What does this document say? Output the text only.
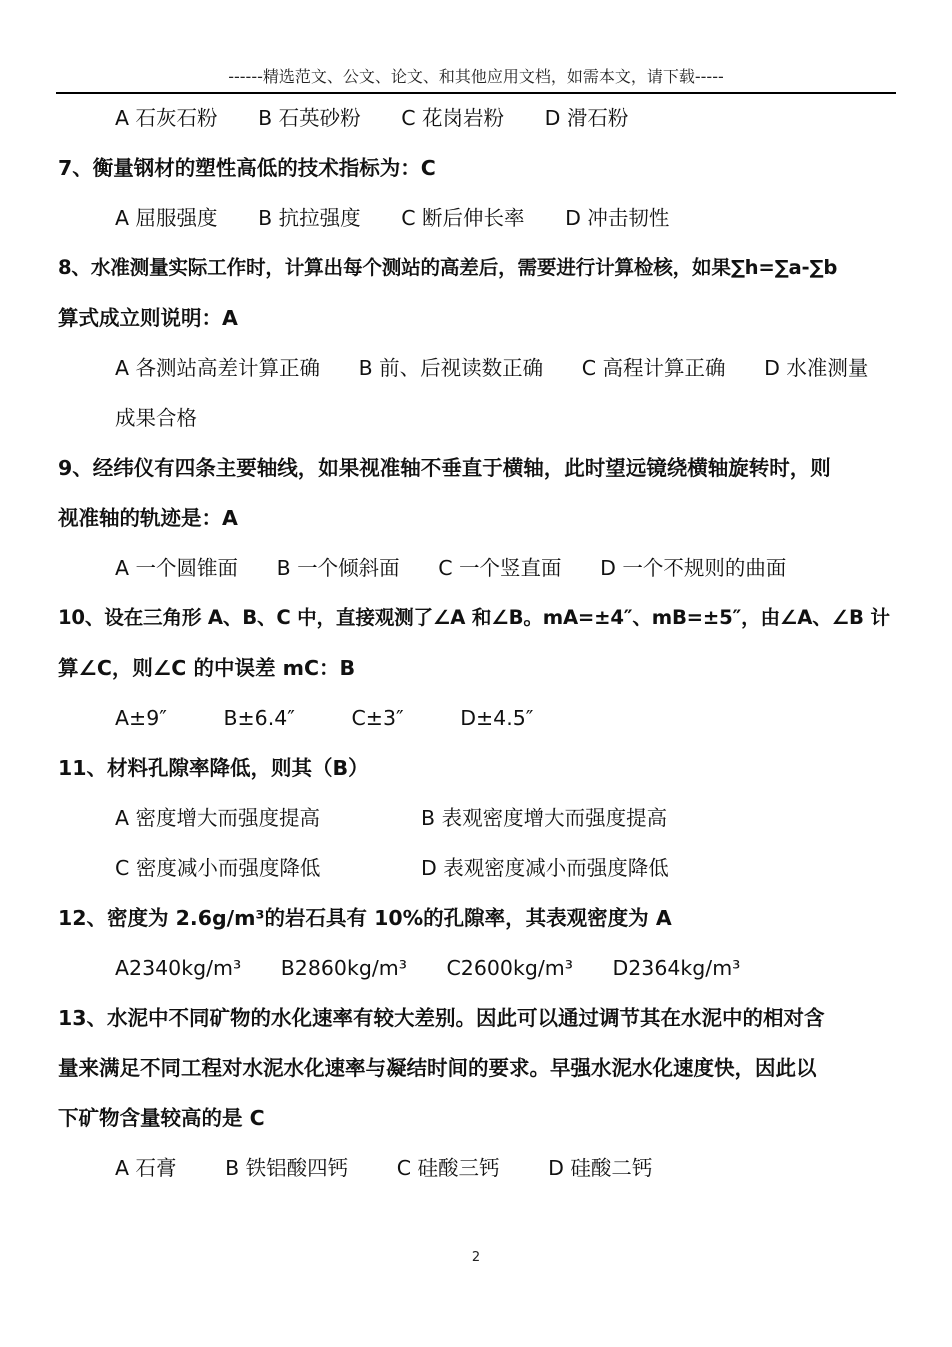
------精选范文、公文、论文、和其他应用文档，如需本文，请下载-----
A 石灰石粉 B 石英砂粉 C 花岗岩粉 D 滑石粉
7、衡量钢材的塑性高低的技术指标为：C
A 屈服强度 B 抗拉强度 C 断后伸长率 D 冲击韧性
8、水准测量实际工作时，计算出每个测站的高差后，需要进行计算检核，如果∑h=∑a-∑b
算式成立则说明：A
A 各测站高差计算正确 B 前、后视读数正确 C 高程计算正确 D 水准测量
成果合格
9、经纬仪有四条主要轴线，如果视准轴不垂直于横轴，此时望远镜绕横轴旋转时，则
视准轴的轨迹是：A
A 一个圆锥面 B 一个倾斜面 C 一个竖直面 D 一个不规则的曲面
10、设在三角形 A、B、C 中，直接观测了∠A 和∠B。mA=±4″、mB=±5″，由∠A、∠B 计
算∠C，则∠C 的中误差 mC：B
A±9″	B±6.4″	C±3″	D±4.5″
11、材料孔隙率降低，则其（B）
A 密度增大而强度提高	B 表观密度增大而强度提高
C 密度减小而强度降低	D 表观密度减小而强度降低
12、密度为 2.6g/m³的岩石具有 10%的孔隙率，其表观密度为 A
A2340kg/m³ B2860kg/m³ C2600kg/m³ D2364kg/m³
13、水泥中不同矿物的水化速率有较大差别。因此可以通过调节其在水泥中的相对含
量来满足不同工程对水泥水化速率与凝结时间的要求。早强水泥水化速度快，因此以
下矿物含量较高的是 C
A 石膏 B 铁铝酸四钙 C 硅酸三钙 D 硅酸二钙
2
